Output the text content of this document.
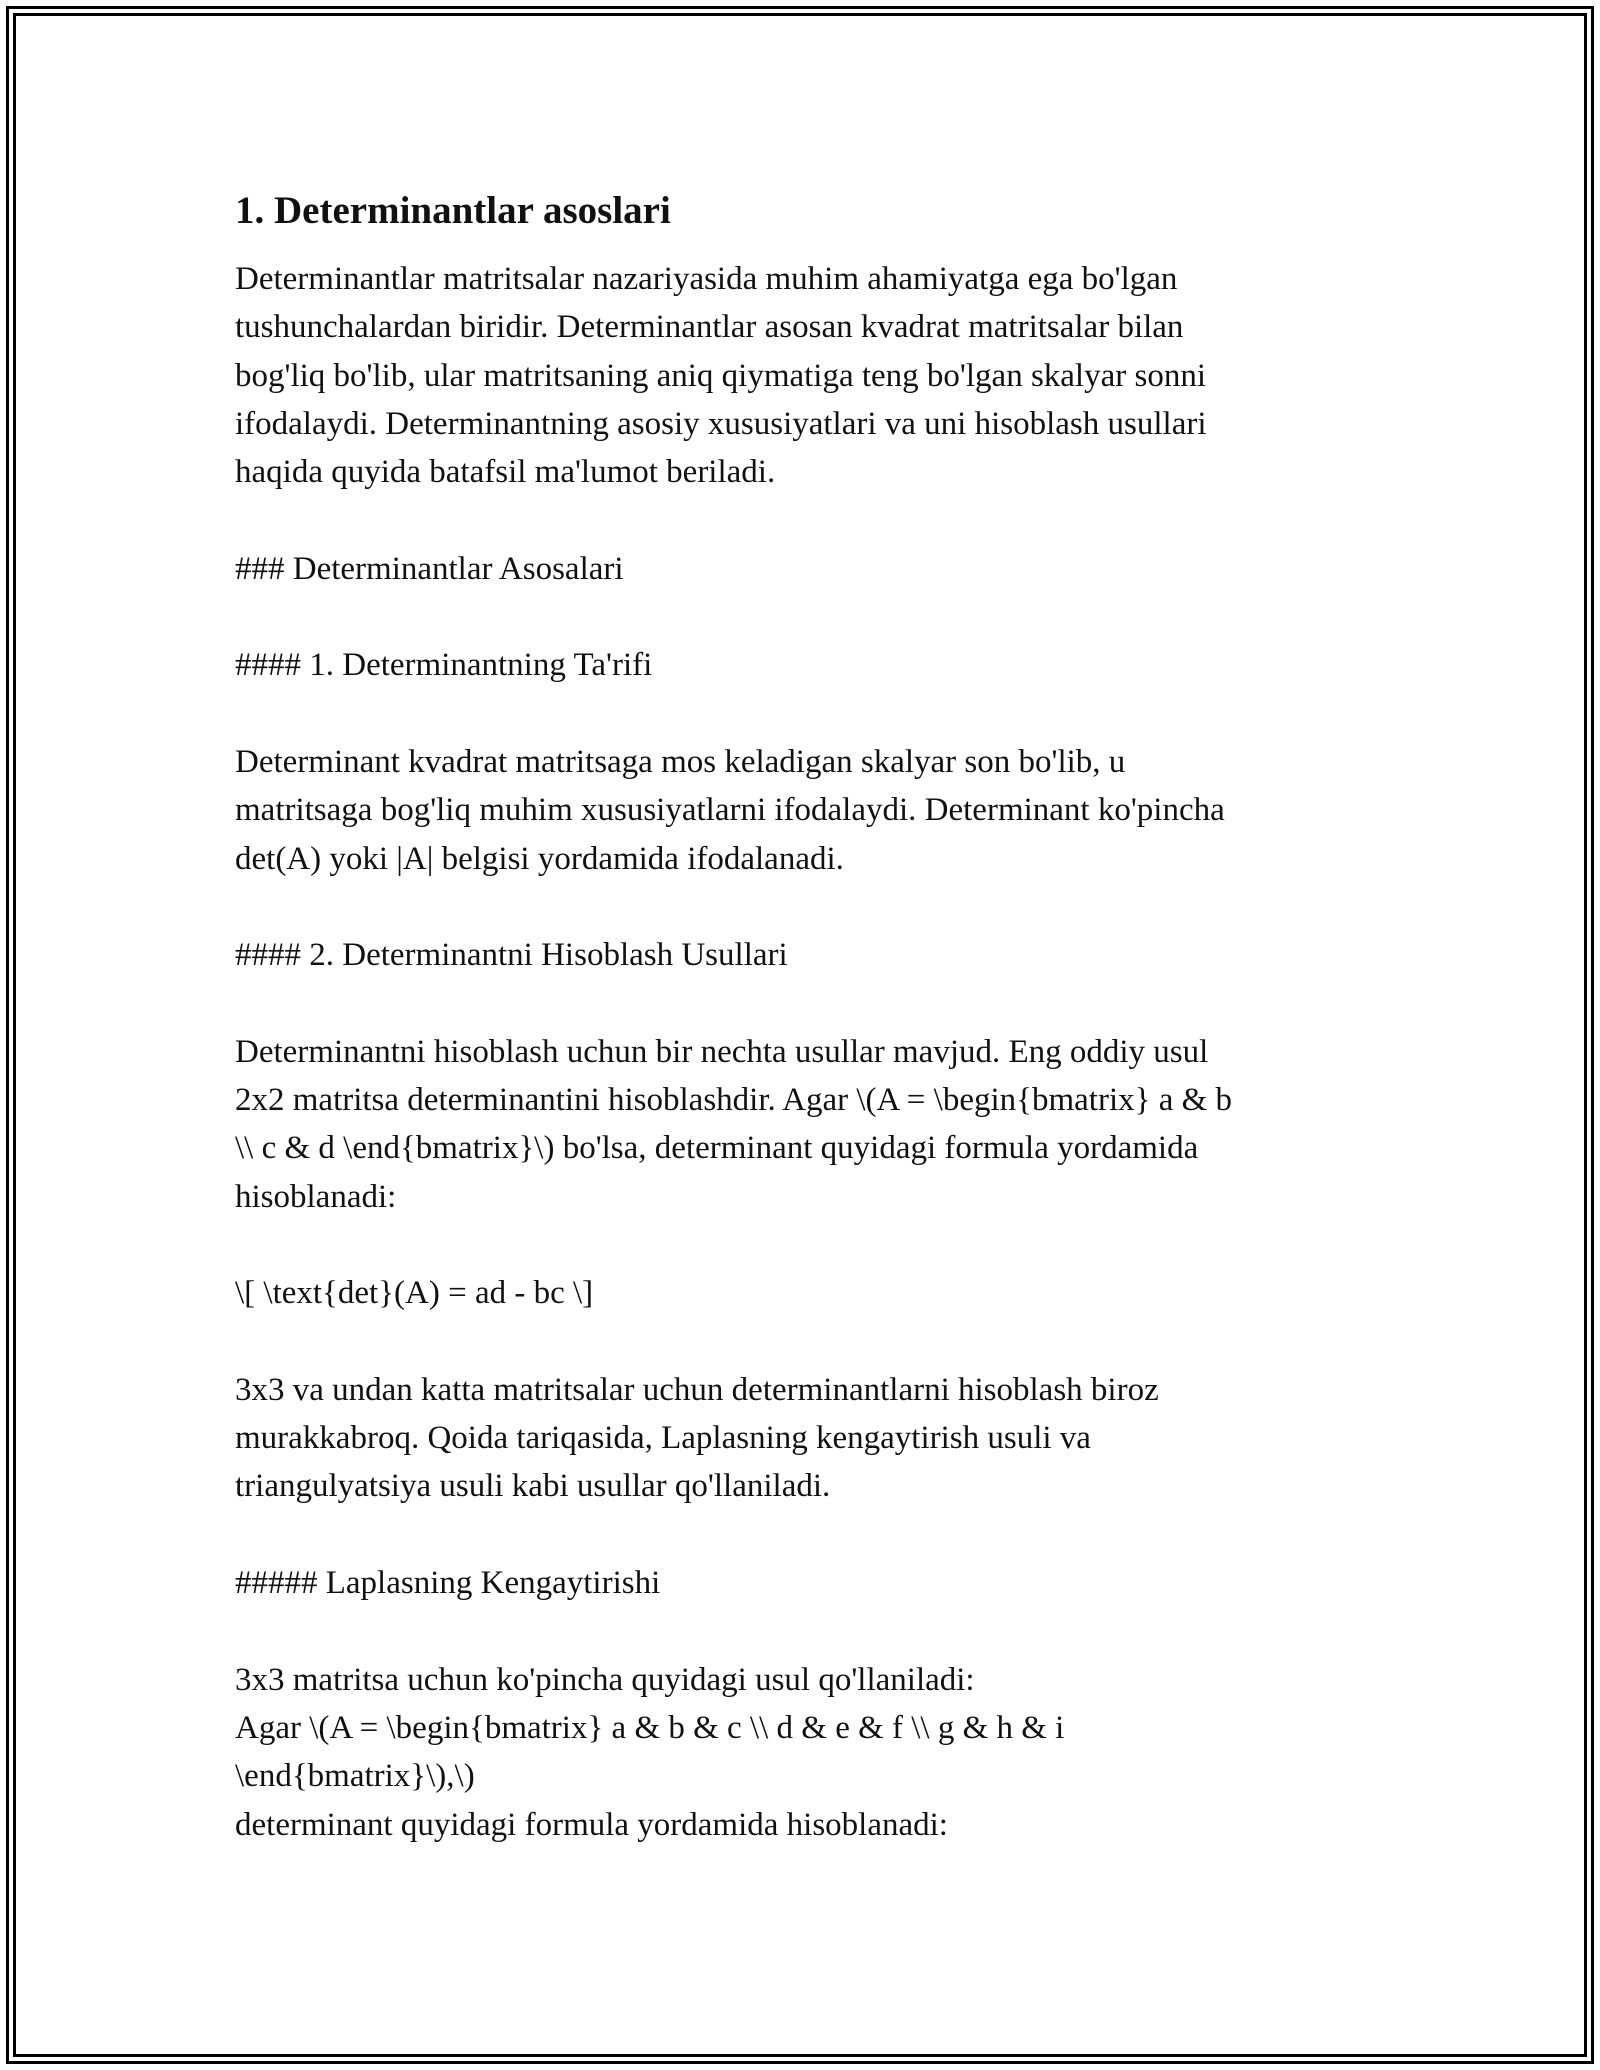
1. Determinantlar asoslari

Determinantlar matritsalar nazariyasida muhim ahamiyatga ega bo'lgan
tushunchalardan biridir. Determinantlar asosan kvadrat matritsalar bilan
bog'liq bo'lib, ular matritsaning aniq qiymatiga teng bo'lgan skalyar sonni
ifodalaydi. Determinantning asosiy xususiyatlari va uni hisoblash usullari
haqida quyida batafsil ma'lumot beriladi.

### Determinantlar Asosalari

#### 1. Determinantning Ta'rifi

Determinant kvadrat matritsaga mos keladigan skalyar son bo'lib, u
matritsaga bog'liq muhim xususiyatlarni ifodalaydi. Determinant ko'pincha
det(A) yoki |A| belgisi yordamida ifodalanadi.

#### 2. Determinantni Hisoblash Usullari

Determinantni hisoblash uchun bir nechta usullar mavjud. Eng oddiy usul
2x2 matritsa determinantini hisoblashdir. Agar \(A = \begin{bmatrix} a & b
\\ c & d \end{bmatrix}\) bo'lsa, determinant quyidagi formula yordamida
hisoblanadi:

\[ \text{det}(A) = ad - bc \]

3x3 va undan katta matritsalar uchun determinantlarni hisoblash biroz
murakkabroq. Qoida tariqasida, Laplasning kengaytirish usuli va
triangulyatsiya usuli kabi usullar qo'llaniladi.

##### Laplasning Kengaytirishi

3x3 matritsa uchun ko'pincha quyidagi usul qo'llaniladi:
Agar \(A = \begin{bmatrix} a & b & c \\ d & e & f \\ g & h & i
\end{bmatrix}\),\)
determinant quyidagi formula yordamida hisoblanadi:
